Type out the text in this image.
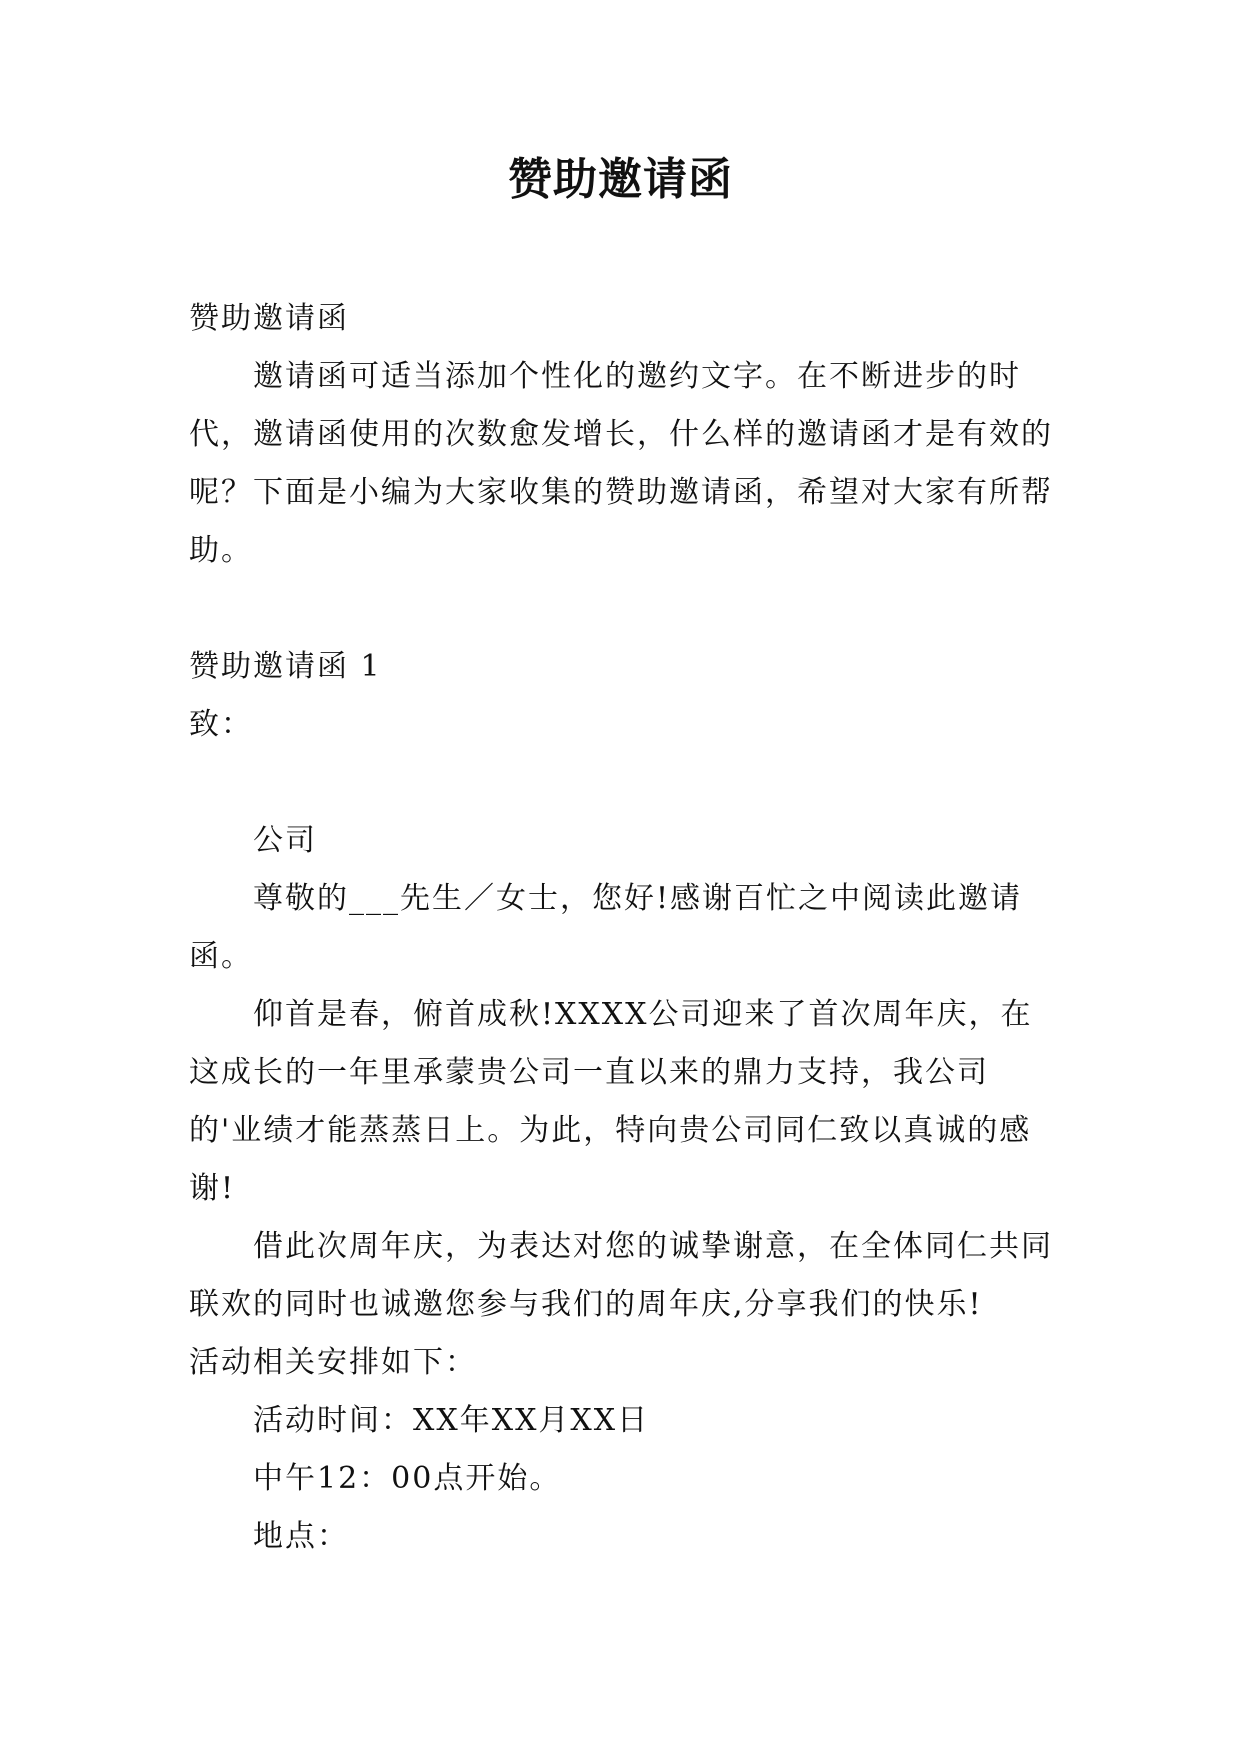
赞助邀请函

赞助邀请函

邀请函可适当添加个性化的邀约文字。在不断进步的时代，邀请函使用的次数愈发增长，什么样的邀请函才是有效的呢？下面是小编为大家收集的赞助邀请函，希望对大家有所帮助。

赞助邀请函 1

致：

公司

尊敬的___先生／女士，您好!感谢百忙之中阅读此邀请函。

仰首是春，俯首成秋!XXXX公司迎来了首次周年庆，在这成长的一年里承蒙贵公司一直以来的鼎力支持，我公司的'业绩才能蒸蒸日上。为此，特向贵公司同仁致以真诚的感谢!

借此次周年庆，为表达对您的诚挚谢意，在全体同仁共同联欢的同时也诚邀您参与我们的周年庆,分享我们的快乐!

活动相关安排如下：

活动时间：XX年XX月XX日

中午12：00点开始。

地点：
